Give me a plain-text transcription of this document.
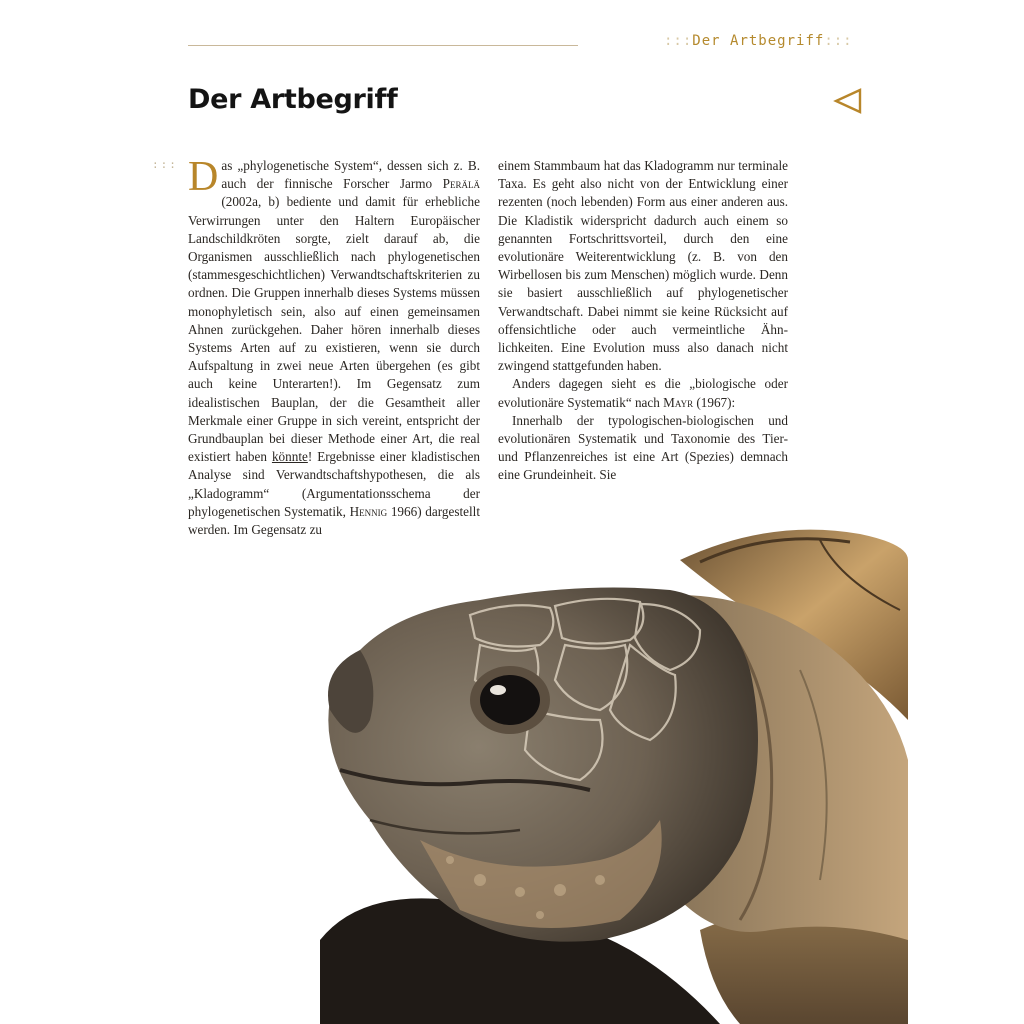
:::Der Artbegriff:::
Der Artbegriff
::: Das „phylogenetische System“, dessen sich z. B. auch der finnische Forscher Jarmo Perälä (2002a, b) bediente und damit für erhebliche Verwirrungen unter den Haltern Europäischer Landschildkröten sorgte, zielt darauf ab, die Organismen ausschließlich nach phylogenetischen (stammesgeschichtlichen) Verwandtschaftskriterien zu ordnen. Die Gruppen innerhalb dieses Systems müssen monophyletisch sein, also auf einen gemeinsamen Ahnen zurückgehen. Daher hören innerhalb dieses Systems Arten auf zu existieren, wenn sie durch Aufspaltung in zwei neue Arten übergehen (es gibt auch keine Unterarten!). Im Gegensatz zum idealistischen Bauplan, der die Gesamtheit aller Merkmale einer Gruppe in sich vereint, entspricht der Grundbauplan bei dieser Methode einer Art, die real existiert haben könnte! Ergebnisse einer kladistischen Analyse sind Verwandtschaftshypothesen, die als „Kladogramm“ (Argumentationsschema der phylogenetischen Systematik, Hennig 1966) dargestellt werden. Im Gegensatz zu

einem Stammbaum hat das Kladogramm nur terminale Taxa. Es geht also nicht von der Entwicklung einer rezenten (noch lebenden) Form aus einer anderen aus. Die Kladistik widerspricht dadurch auch einem so genannten Fortschrittsvorteil, durch den eine evolutionäre Weiterentwicklung (z. B. von den Wirbellosen bis zum Menschen) möglich wurde. Denn sie basiert ausschließlich auf phylogenetischer Verwandtschaft. Dabei nimmt sie keine Rücksicht auf offensichtliche oder auch vermeintliche Ähnlichkeiten. Eine Evolution muss also danach nicht zwingend stattgefunden haben.

Anders dagegen sieht es die „biologische oder evolutionäre Systematik“ nach Mayr (1967):

Innerhalb der typologischen-biologischen und evolutionären Systematik und Taxonomie des Tier- und Pflanzenreiches ist eine Art (Spezies) demnach eine Grundeinheit. Sie
